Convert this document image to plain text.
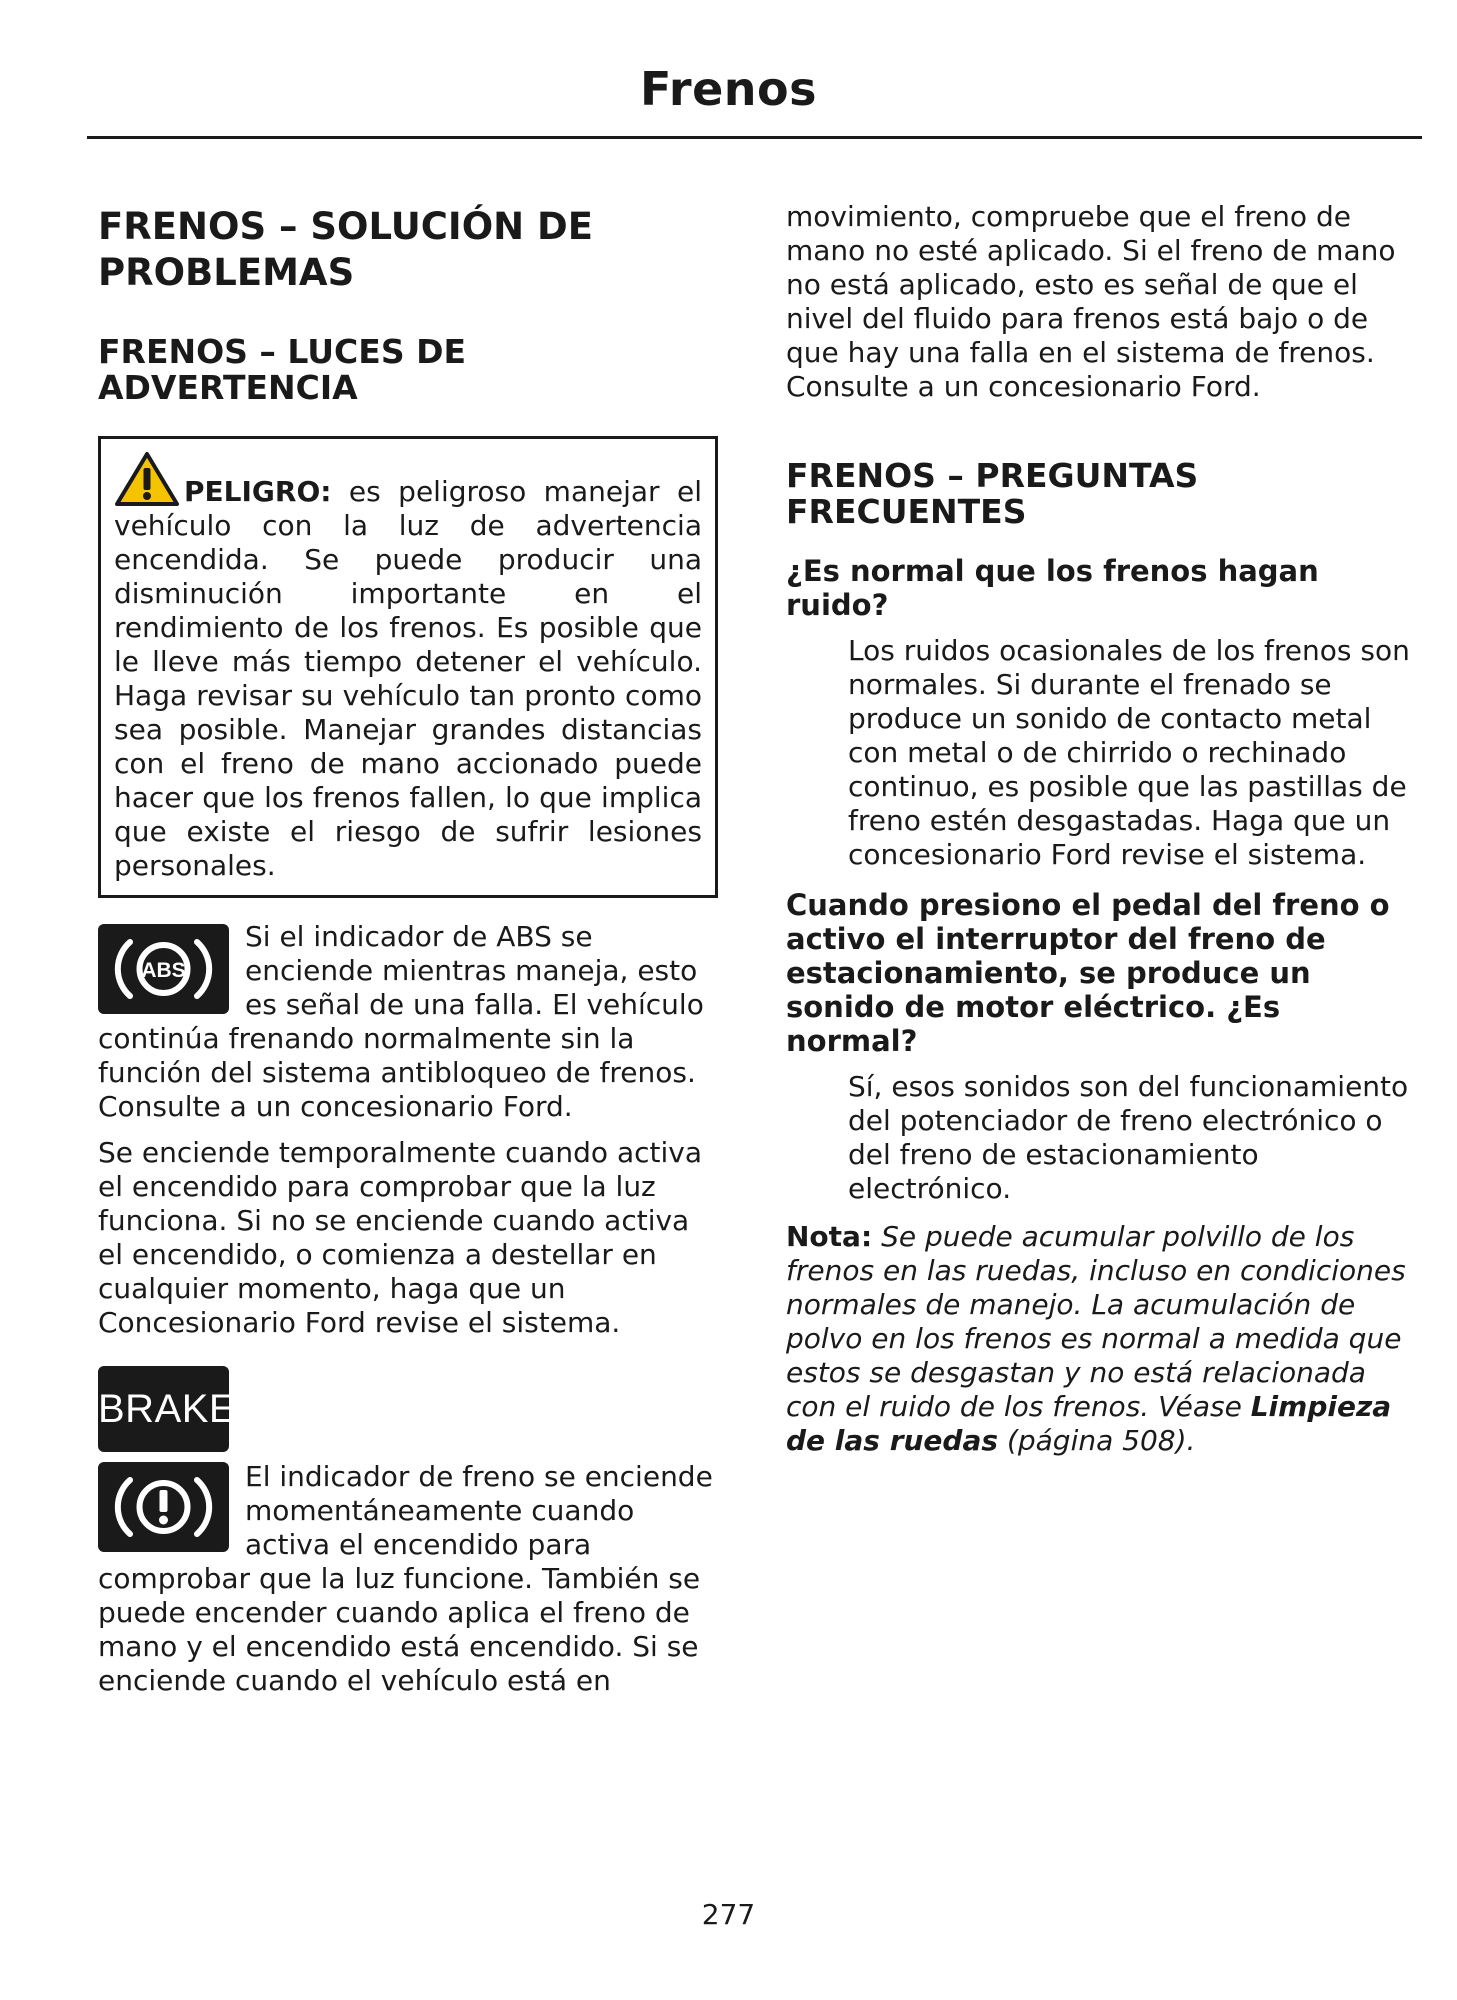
Frenos
FRENOS – SOLUCIÓN DE PROBLEMAS
FRENOS – LUCES DE ADVERTENCIA

PELIGRO: es peligroso manejar el vehículo con la luz de advertencia encendida. Se puede producir una disminución importante en el rendimiento de los frenos. Es posible que le lleve más tiempo detener el vehículo. Haga revisar su vehículo tan pronto como sea posible. Manejar grandes distancias con el freno de mano accionado puede hacer que los frenos fallen, lo que implica que existe el riesgo de sufrir lesiones personales.

ABS

Si el indicador de ABS se enciende mientras maneja, esto es señal de una falla. El vehículo continúa frenando normalmente sin la función del sistema antibloqueo de frenos. Consulte a un concesionario Ford.

Se enciende temporalmente cuando activa el encendido para comprobar que la luz funciona. Si no se enciende cuando activa el encendido, o comienza a destellar en cualquier momento, haga que un Concesionario Ford revise el sistema.

BRAKE

El indicador de freno se enciende momentáneamente cuando activa el encendido para comprobar que la luz funcione. También se puede encender cuando aplica el freno de mano y el encendido está encendido. Si se enciende cuando el vehículo está en

movimiento, compruebe que el freno de mano no esté aplicado. Si el freno de mano no está aplicado, esto es señal de que el nivel del fluido para frenos está bajo o de que hay una falla en el sistema de frenos. Consulte a un concesionario Ford.

FRENOS – PREGUNTAS FRECUENTES

¿Es normal que los frenos hagan ruido?

Los ruidos ocasionales de los frenos son normales. Si durante el frenado se produce un sonido de contacto metal con metal o de chirrido o rechinado continuo, es posible que las pastillas de freno estén desgastadas. Haga que un concesionario Ford revise el sistema.

Cuando presiono el pedal del freno o activo el interruptor del freno de estacionamiento, se produce un sonido de motor eléctrico. ¿Es normal?

Sí, esos sonidos son del funcionamiento del potenciador de freno electrónico o del freno de estacionamiento electrónico.

Nota: Se puede acumular polvillo de los frenos en las ruedas, incluso en condiciones normales de manejo. La acumulación de polvo en los frenos es normal a medida que estos se desgastan y no está relacionada con el ruido de los frenos. Véase Limpieza de las ruedas (página 508).

277
